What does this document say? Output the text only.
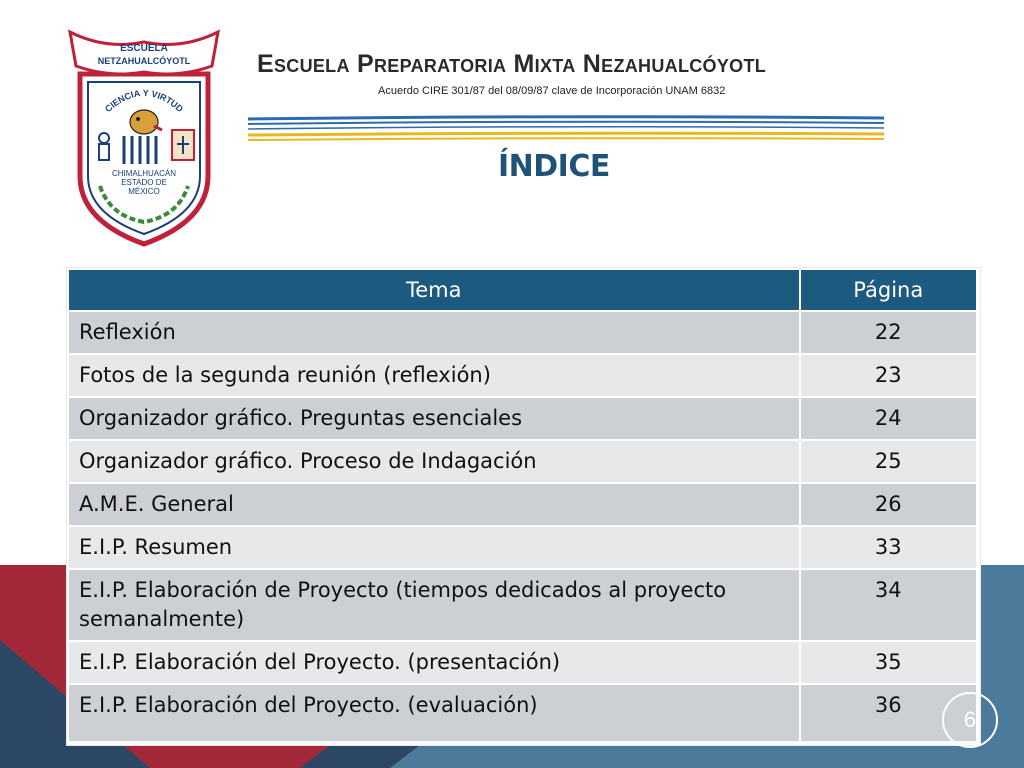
ESCUELA
NETZAHUALCÓYOTL
CIENCIA Y VIRTUD
CHIMALHUACÁN
ESTADO DE
MÉXICO
Escuela Preparatoria Mixta Nezahualcóyotl
Acuerdo CIRE 301/87 del 08/09/87 clave de Incorporación UNAM 6832
ÍNDICE
Tema	Página
Reflexión	22
Fotos de la segunda reunión (reflexión)	23
Organizador gráfico. Preguntas esenciales	24
Organizador gráfico. Proceso de Indagación	25
A.M.E. General	26
E.I.P. Resumen	33
E.I.P. Elaboración de Proyecto (tiempos dedicados al proyecto semanalmente)	34
E.I.P. Elaboración del Proyecto. (presentación)	35
E.I.P. Elaboración del Proyecto. (evaluación)	36
6
